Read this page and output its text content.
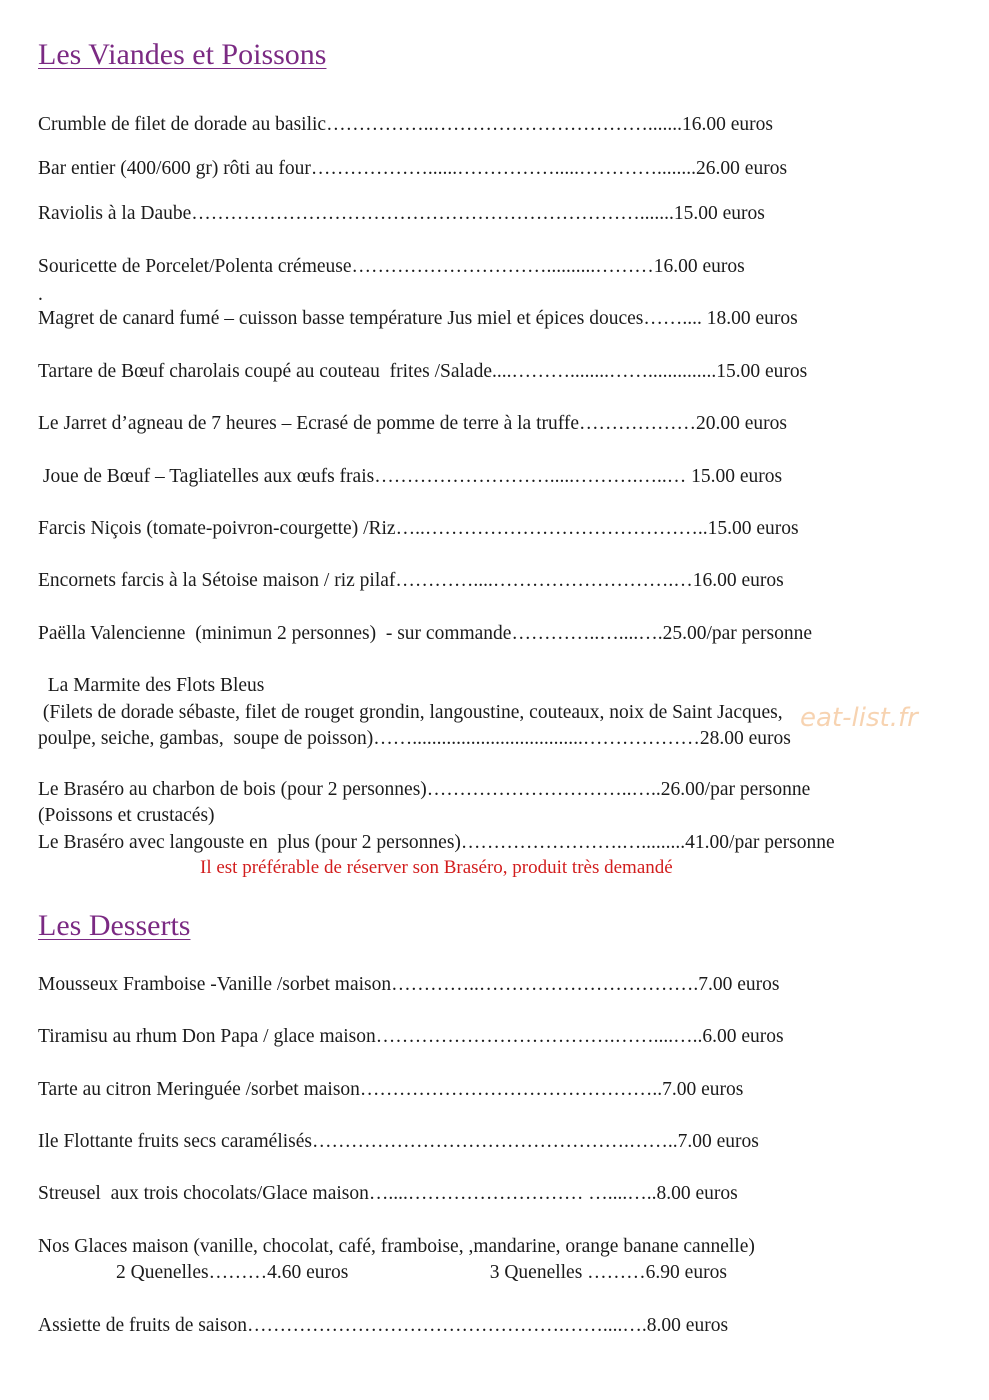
Les Viandes et Poissons

Crumble de filet de dorade au basilic……………..…………………………….......16.00 euros

Bar entier (400/600 gr) rôti au four………………......…………….....…………........26.00 euros

Raviolis à la Daube…………………………………………………………….......15.00 euros

Souricette de Porcelet/Polenta crémeuse…………………………..........………16.00 euros

.

Magret de canard fumé – cuisson basse température Jus miel et épices douces…….... 18.00 euros

Tartare de Bœuf charolais coupé au couteau  frites /Salade....………........……..............15.00 euros

Le Jarret d’agneau de 7 heures – Ecrasé de pomme de terre à la truffe………………20.00 euros

Joue de Bœuf – Tagliatelles aux œufs frais……………………….....……….…..… 15.00 euros

Farcis Niçois (tomate-poivron-courgette) /Riz…..……………………………………..15.00 euros

Encornets farcis à la Sétoise maison / riz pilaf…………....……………………….…16.00 euros

Paëlla Valencienne  (minimun 2 personnes)  - sur commande…………..…....….25.00/par personne

La Marmite des Flots Bleus

(Filets de dorade sébaste, filet de rouget grondin, langoustine, couteaux, noix de Saint Jacques,

poulpe, seiche, gambas,  soupe de poisson)……...................................………………28.00 euros

Le Braséro au charbon de bois (pour 2 personnes)…………………………..…..26.00/par personne

(Poissons et crustacés)

Le Braséro avec langouste en  plus (pour 2 personnes)…………………….….........41.00/par personne

Il est préférable de réserver son Braséro, produit très demandé

eat-list.fr
Les Desserts

Mousseux Framboise -Vanille /sorbet maison…………..…………………………….7.00 euros

Tiramisu au rhum Don Papa / glace maison……………………………….……....…..6.00 euros

Tarte au citron Meringuée /sorbet maison………………………………………..7.00 euros

Ile Flottante fruits secs caramélisés………………………………………….……..7.00 euros

Streusel  aux trois chocolats/Glace maison…....……………………… …....…..8.00 euros

Nos Glaces maison (vanille, chocolat, café, framboise, ,mandarine, orange banane cannelle)

2 Quenelles………4.60 euros                             3 Quenelles ………6.90 euros

Assiette de fruits de saison………………………………………….……....….8.00 euros
